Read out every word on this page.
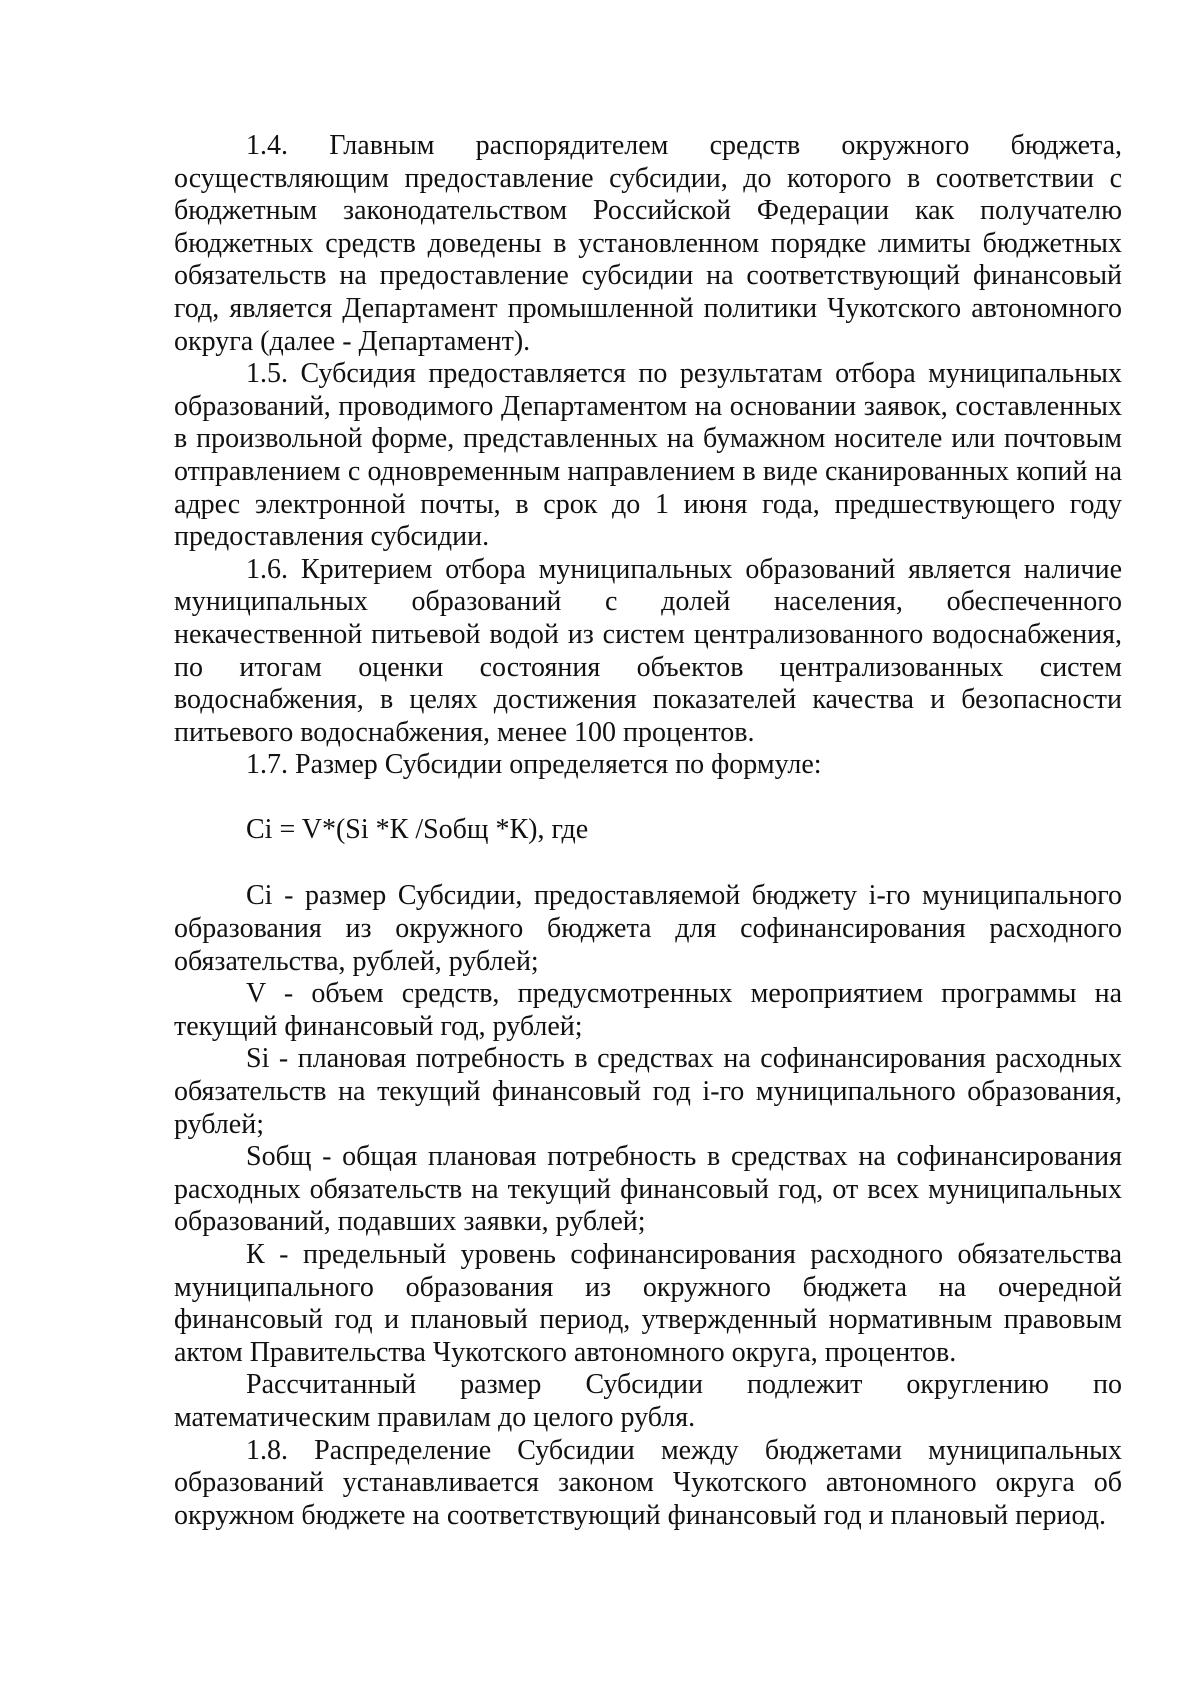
1.4. Главным распорядителем средств окружного бюджета, осуществляющим предоставление субсидии, до которого в соответствии с бюджетным законодательством Российской Федерации как получателю бюджетных средств доведены в установленном порядке лимиты бюджетных обязательств на предоставление субсидии на соответствующий финансовый год, является Департамент промышленной политики Чукотского автономного округа (далее - Департамент).

1.5. Субсидия предоставляется по результатам отбора муниципальных образований, проводимого Департаментом на основании заявок, составленных в произвольной форме, представленных на бумажном носителе или почтовым отправлением с одновременным направлением в виде сканированных копий на адрес электронной почты, в срок до 1 июня года, предшествующего году предоставления субсидии.

1.6. Критерием отбора муниципальных образований является наличие муниципальных образований с долей населения, обеспеченного некачественной питьевой водой из систем централизованного водоснабжения, по итогам оценки состояния объектов централизованных систем водоснабжения, в целях достижения показателей качества и безопасности питьевого водоснабжения, менее 100 процентов.

1.7. Размер Субсидии определяется по формуле:

Ci = V*(Si *К /Sобщ *К), где

Ci - размер Субсидии, предоставляемой бюджету i-го муниципального образования из окружного бюджета для софинансирования расходного обязательства, рублей, рублей;

V - объем средств, предусмотренных мероприятием программы на текущий финансовый год, рублей;

Si - плановая потребность в средствах на софинансирования расходных обязательств на текущий финансовый год i-го муниципального образования, рублей;

Sобщ - общая плановая потребность в средствах на софинансирования расходных обязательств на текущий финансовый год, от всех муниципальных образований, подавших заявки, рублей;

К - предельный уровень софинансирования расходного обязательства муниципального образования из окружного бюджета на очередной финансовый год и плановый период, утвержденный нормативным правовым актом Правительства Чукотского автономного округа, процентов.

Рассчитанный размер Субсидии подлежит округлению по математическим правилам до целого рубля.

1.8. Распределение Субсидии между бюджетами муниципальных образований устанавливается законом Чукотского автономного округа об окружном бюджете на соответствующий финансовый год и плановый период.
